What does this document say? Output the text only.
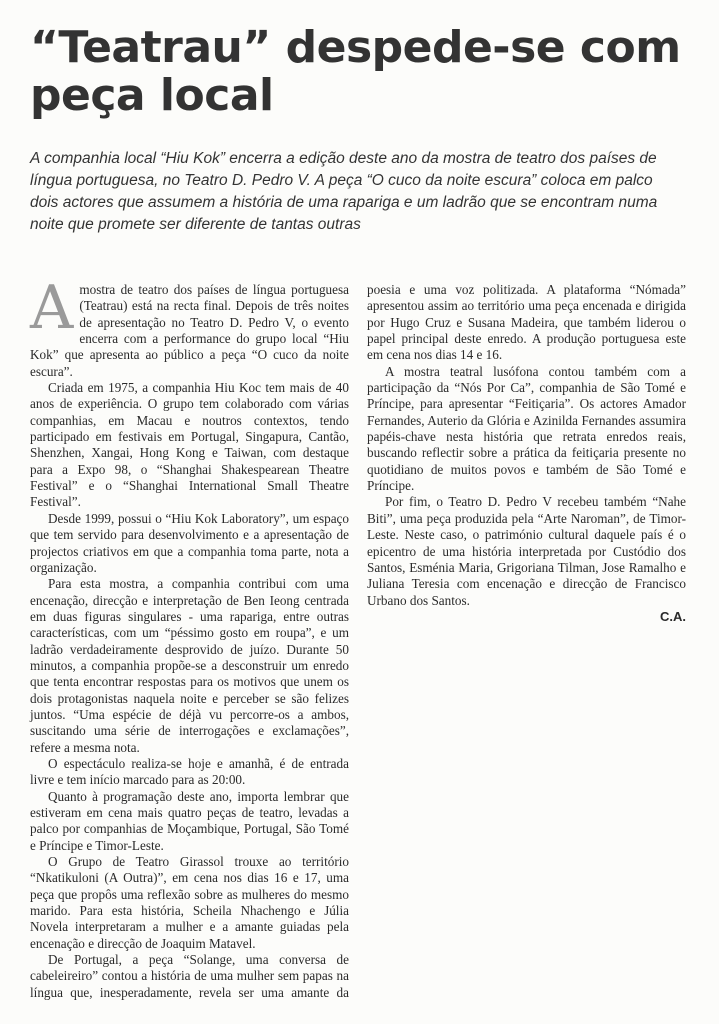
“Teatrau” despede-se com peça local
A companhia local “Hiu Kok” encerra a edição deste ano da mostra de teatro dos países de língua portuguesa, no Teatro D. Pedro V. A peça “O cuco da noite escura” coloca em palco dois actores que assumem a história de uma rapariga e um ladrão que se encontram numa noite que promete ser diferente de tantas outras

A mostra de teatro dos países de língua portuguesa (Teatrau) está na recta final. Depois de três noites de apresentação no Teatro D. Pedro V, o evento encerra com a performance do grupo local “Hiu Kok” que apresenta ao público a peça “O cuco da noite escura”.

Criada em 1975, a companhia Hiu Koc tem mais de 40 anos de experiência. O grupo tem colaborado com várias companhias, em Macau e noutros contextos, tendo participado em festivais em Portugal, Singapura, Cantão, Shenzhen, Xangai, Hong Kong e Taiwan, com destaque para a Expo 98, o “Shanghai Shakespearean Theatre Festival” e o “Shanghai International Small Theatre Festival”.

Desde 1999, possui o “Hiu Kok Laboratory”, um espaço que tem servido para desenvolvimento e a apresentação de projectos criativos em que a companhia toma parte, nota a organização.

Para esta mostra, a companhia contribui com uma encenação, direcção e interpretação de Ben Ieong centrada em duas figuras singulares - uma rapariga, entre outras características, com um “péssimo gosto em roupa”, e um ladrão verdadeiramente desprovido de juízo. Durante 50 minutos, a companhia propõe-se a desconstruir um enredo que tenta encontrar respostas para os motivos que unem os dois protagonistas naquela noite e perceber se são felizes juntos. “Uma espécie de déjà vu percorre-os a ambos, suscitando uma série de interrogações e exclamações”, refere a mesma nota.

O espectáculo realiza-se hoje e amanhã, é de entrada livre e tem início marcado para as 20:00.

Quanto à programação deste ano, importa lembrar que estiveram em cena mais quatro peças de teatro, levadas a palco por companhias de Moçambique, Portugal, São Tomé e Príncipe e Timor-Leste.

O Grupo de Teatro Girassol trouxe ao território “Nkatikuloni (A Outra)”, em cena nos dias 16 e 17, uma peça que propôs uma reflexão sobre as mulheres do mesmo marido. Para esta história, Scheila Nhachengo e Júlia Novela interpretaram a mulher e a amante guiadas pela encenação e direcção de Joaquim Matavel.

De Portugal, a peça “Solange, uma conversa de cabeleireiro” contou a história de uma mulher sem papas na língua que, inesperadamente, revela ser uma amante da poesia e uma voz politizada. A plataforma “Nómada” apresentou assim ao território uma peça encenada e dirigida por Hugo Cruz e Susana Madeira, que também liderou o papel principal deste enredo. A produção portuguesa este em cena nos dias 14 e 16.

A mostra teatral lusófona contou também com a participação da “Nós Por Ca”, companhia de São Tomé e Príncipe, para apresentar “Feitiçaria”. Os actores Amador Fernandes, Auterio da Glória e Azinilda Fernandes assumira papéis-chave nesta história que retrata enredos reais, buscando reflectir sobre a prática da feitiçaria presente no quotidiano de muitos povos e também de São Tomé e Príncipe.

Por fim, o Teatro D. Pedro V recebeu também “Nahe Biti”, uma peça produzida pela “Arte Naroman”, de Timor-Leste. Neste caso, o património cultural daquele país é o epicentro de uma história interpretada por Custódio dos Santos, Esménia Maria, Grigoriana Tilman, Jose Ramalho e Juliana Teresia com encenação e direcção de Francisco Urbano dos Santos.

C.A.
